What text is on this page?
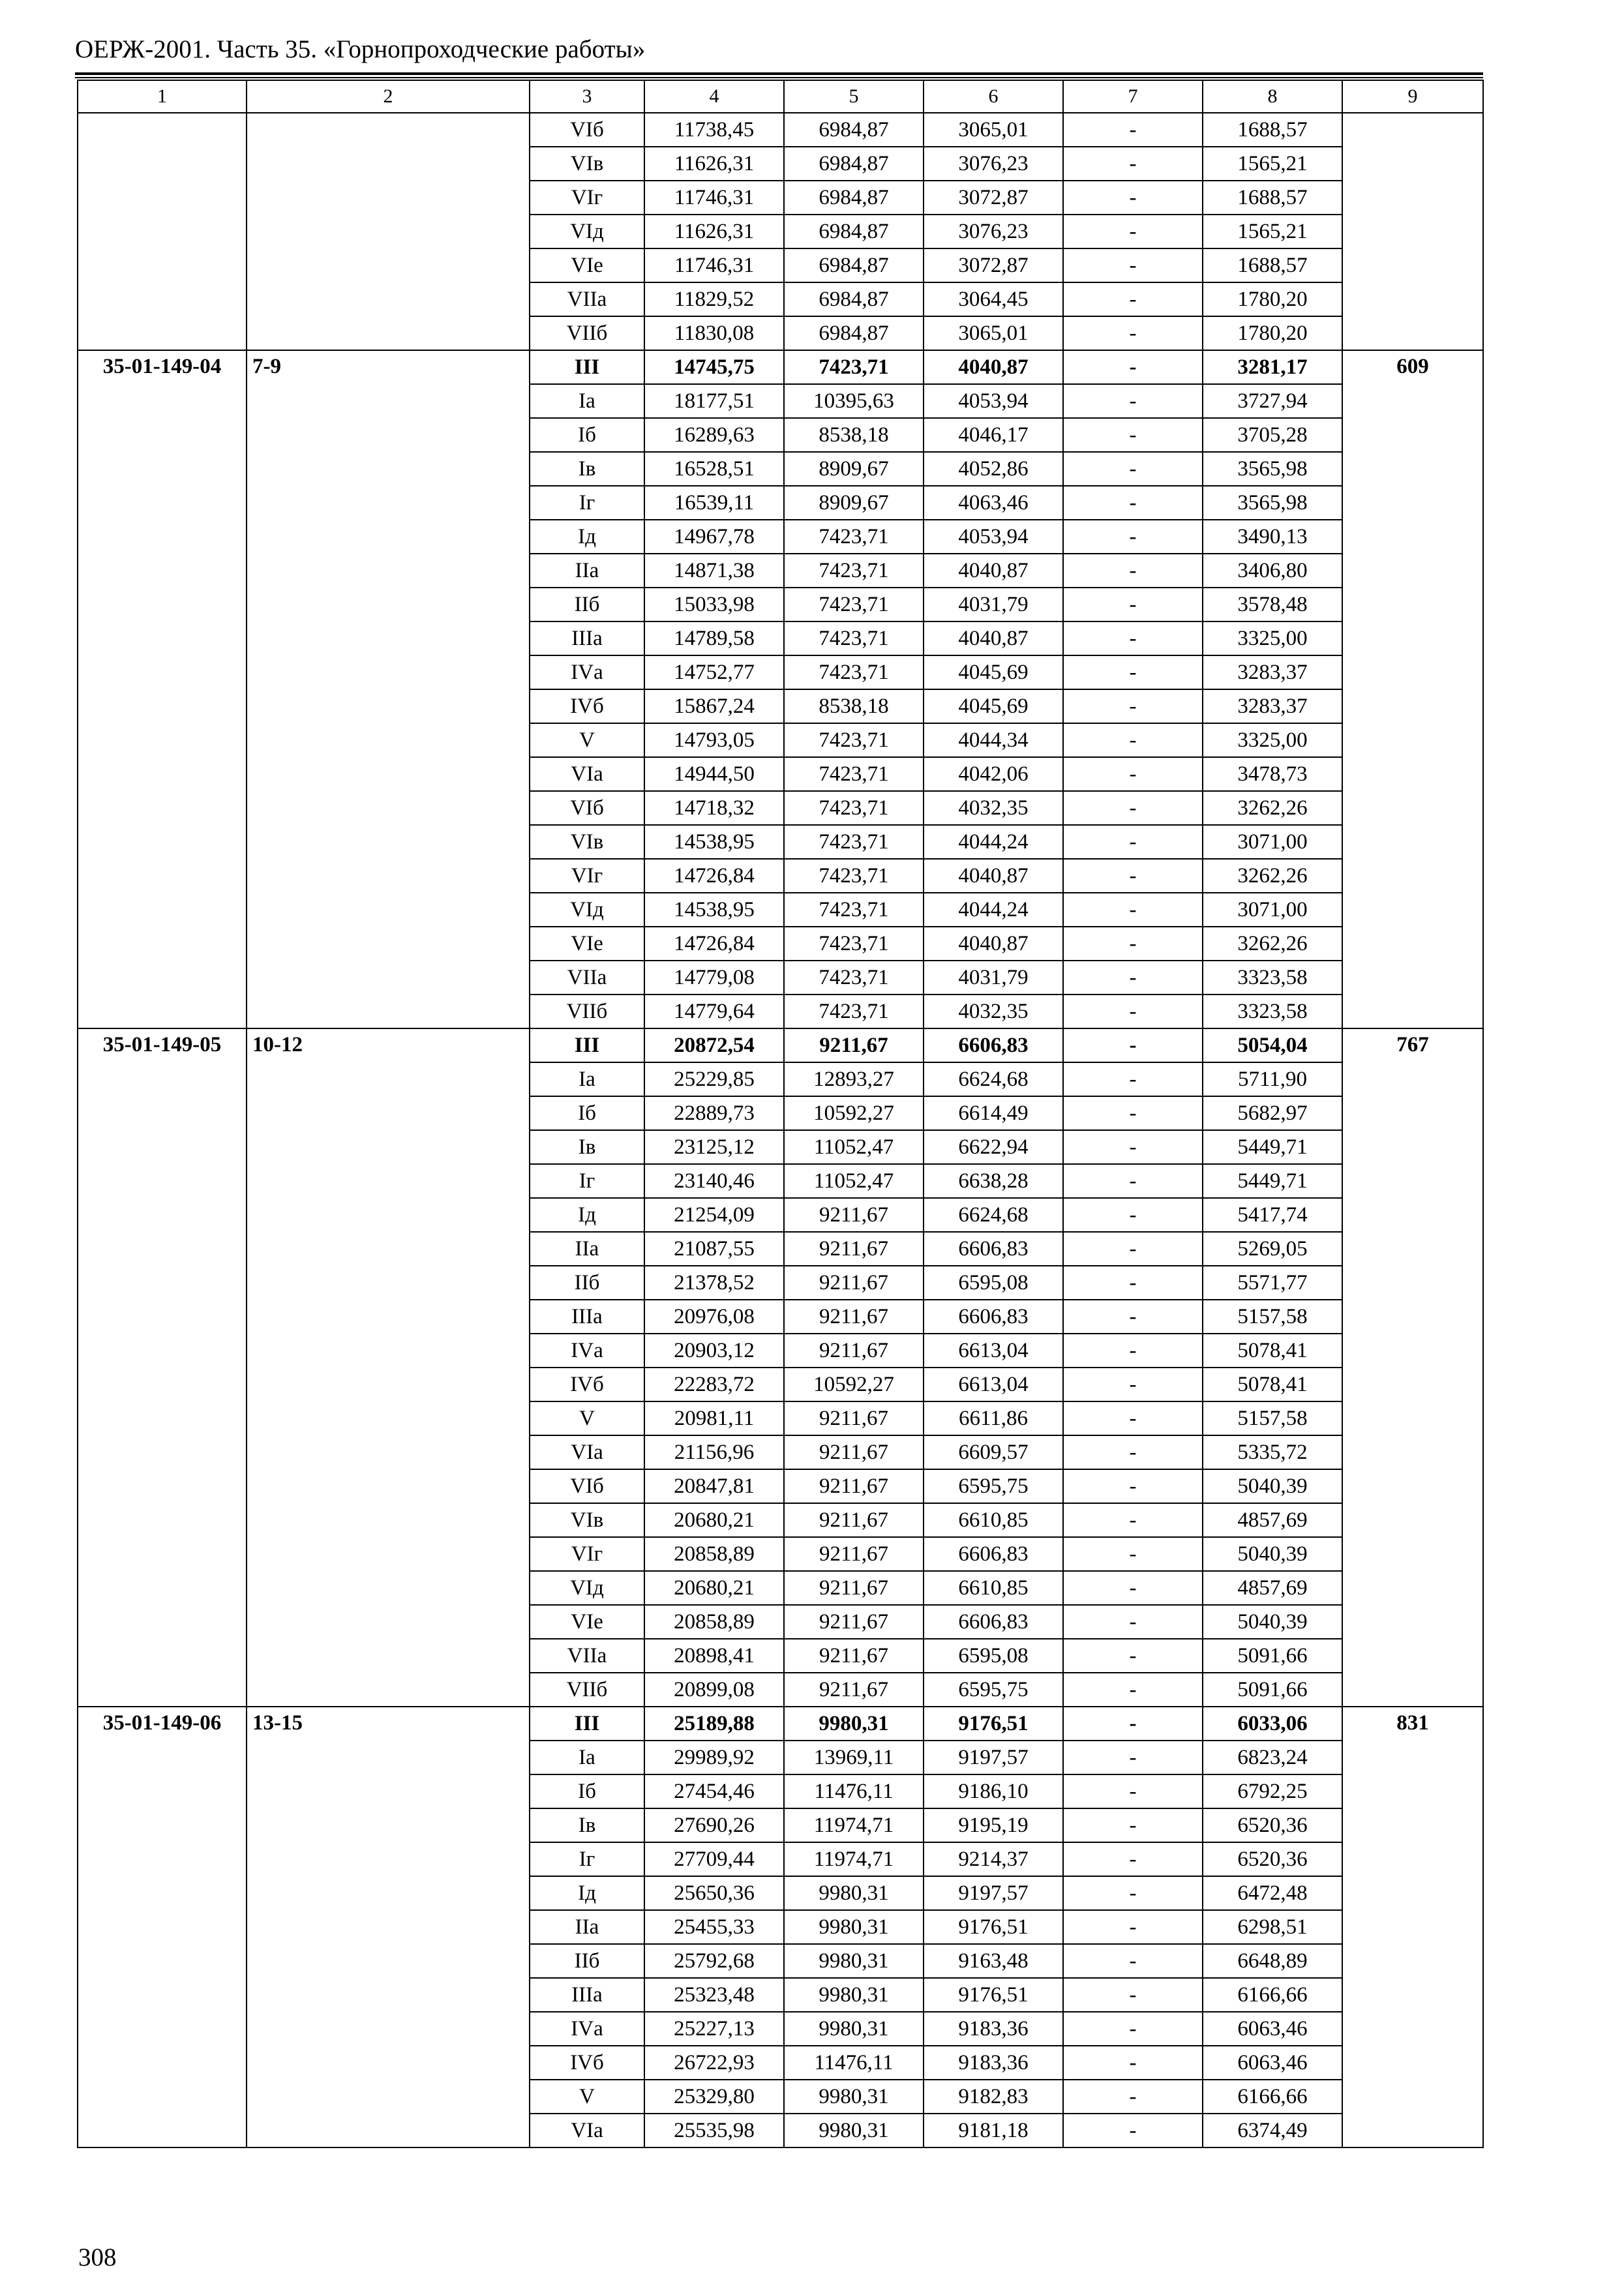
ОЕРЖ-2001. Часть 35. «Горнопроходческие работы»
1	2	3	4	5	6	7	8	9
		VIб	11738,45	6984,87	3065,01	-	1688,57	
		VIв	11626,31	6984,87	3076,23	-	1565,21	
		VIг	11746,31	6984,87	3072,87	-	1688,57	
		VIд	11626,31	6984,87	3076,23	-	1565,21	
		VIе	11746,31	6984,87	3072,87	-	1688,57	
		VIIа	11829,52	6984,87	3064,45	-	1780,20	
		VIIб	11830,08	6984,87	3065,01	-	1780,20	
35-01-149-04	7-9	III	14745,75	7423,71	4040,87	-	3281,17	609
		Iа	18177,51	10395,63	4053,94	-	3727,94	
		Iб	16289,63	8538,18	4046,17	-	3705,28	
		Iв	16528,51	8909,67	4052,86	-	3565,98	
		Iг	16539,11	8909,67	4063,46	-	3565,98	
		Iд	14967,78	7423,71	4053,94	-	3490,13	
		IIа	14871,38	7423,71	4040,87	-	3406,80	
		IIб	15033,98	7423,71	4031,79	-	3578,48	
		IIIа	14789,58	7423,71	4040,87	-	3325,00	
		IVа	14752,77	7423,71	4045,69	-	3283,37	
		IVб	15867,24	8538,18	4045,69	-	3283,37	
		V	14793,05	7423,71	4044,34	-	3325,00	
		VIа	14944,50	7423,71	4042,06	-	3478,73	
		VIб	14718,32	7423,71	4032,35	-	3262,26	
		VIв	14538,95	7423,71	4044,24	-	3071,00	
		VIг	14726,84	7423,71	4040,87	-	3262,26	
		VIд	14538,95	7423,71	4044,24	-	3071,00	
		VIе	14726,84	7423,71	4040,87	-	3262,26	
		VIIа	14779,08	7423,71	4031,79	-	3323,58	
		VIIб	14779,64	7423,71	4032,35	-	3323,58	
35-01-149-05	10-12	III	20872,54	9211,67	6606,83	-	5054,04	767
		Iа	25229,85	12893,27	6624,68	-	5711,90	
		Iб	22889,73	10592,27	6614,49	-	5682,97	
		Iв	23125,12	11052,47	6622,94	-	5449,71	
		Iг	23140,46	11052,47	6638,28	-	5449,71	
		Iд	21254,09	9211,67	6624,68	-	5417,74	
		IIа	21087,55	9211,67	6606,83	-	5269,05	
		IIб	21378,52	9211,67	6595,08	-	5571,77	
		IIIа	20976,08	9211,67	6606,83	-	5157,58	
		IVа	20903,12	9211,67	6613,04	-	5078,41	
		IVб	22283,72	10592,27	6613,04	-	5078,41	
		V	20981,11	9211,67	6611,86	-	5157,58	
		VIа	21156,96	9211,67	6609,57	-	5335,72	
		VIб	20847,81	9211,67	6595,75	-	5040,39	
		VIв	20680,21	9211,67	6610,85	-	4857,69	
		VIг	20858,89	9211,67	6606,83	-	5040,39	
		VIд	20680,21	9211,67	6610,85	-	4857,69	
		VIе	20858,89	9211,67	6606,83	-	5040,39	
		VIIа	20898,41	9211,67	6595,08	-	5091,66	
		VIIб	20899,08	9211,67	6595,75	-	5091,66	
35-01-149-06	13-15	III	25189,88	9980,31	9176,51	-	6033,06	831
		Iа	29989,92	13969,11	9197,57	-	6823,24	
		Iб	27454,46	11476,11	9186,10	-	6792,25	
		Iв	27690,26	11974,71	9195,19	-	6520,36	
		Iг	27709,44	11974,71	9214,37	-	6520,36	
		Iд	25650,36	9980,31	9197,57	-	6472,48	
		IIа	25455,33	9980,31	9176,51	-	6298,51	
		IIб	25792,68	9980,31	9163,48	-	6648,89	
		IIIа	25323,48	9980,31	9176,51	-	6166,66	
		IVа	25227,13	9980,31	9183,36	-	6063,46	
		IVб	26722,93	11476,11	9183,36	-	6063,46	
		V	25329,80	9980,31	9182,83	-	6166,66	
		VIа	25535,98	9980,31	9181,18	-	6374,49	
308
